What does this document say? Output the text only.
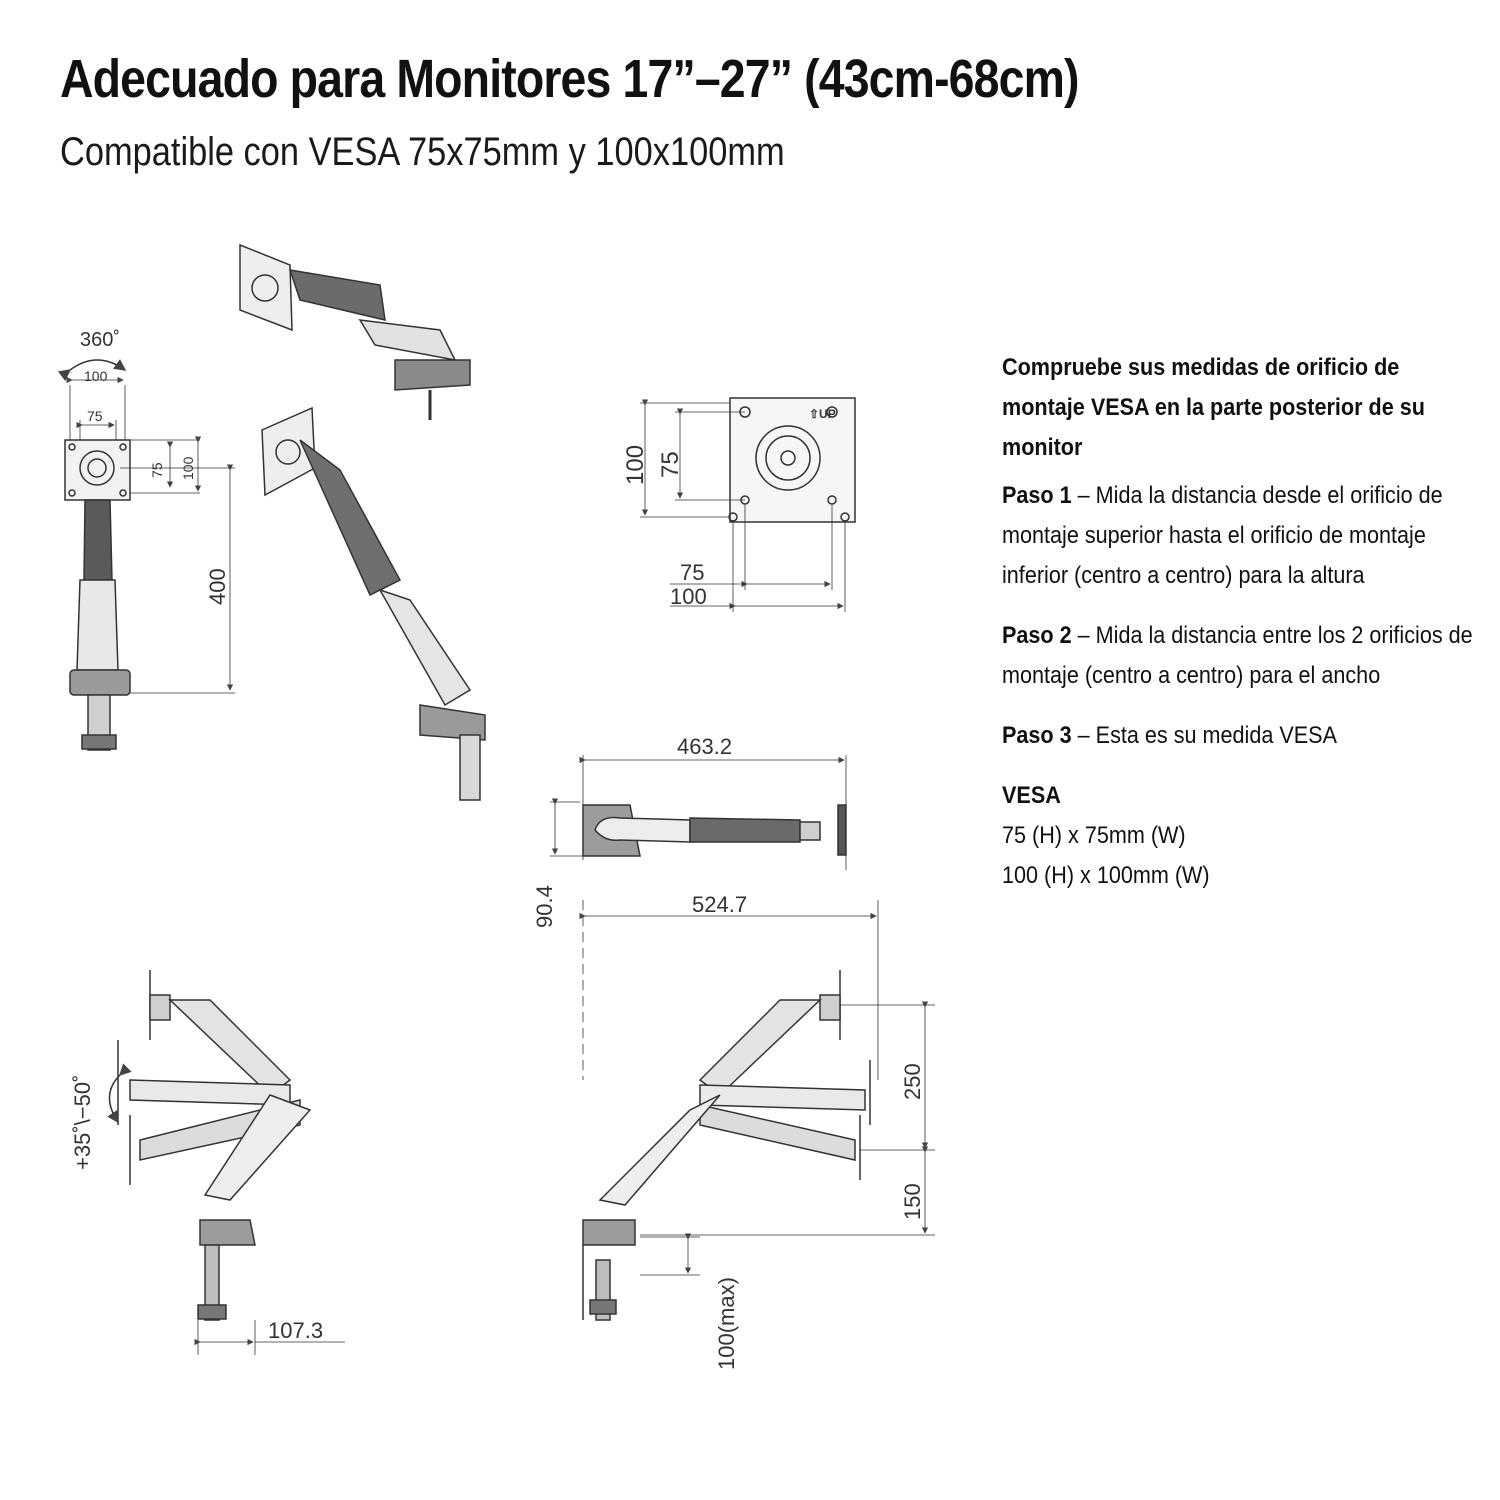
Adecuado para Monitores 17”–27” (43cm-68cm)
Compatible con VESA 75x75mm y 100x100mm
360˚
100
75
75 100
400
⇧UP
100 75
75
100
463.2
90.4	524.7
+35˚\−50˚
107.3
250
150
100(max)
Compruebe sus medidas de orificio de montaje VESA en la parte posterior de su monitor
Paso 1 – Mida la distancia desde el orificio de montaje superior hasta el orificio de montaje inferior (centro a centro) para la altura
Paso 2 – Mida la distancia entre los 2 orificios de montaje (centro a centro) para el ancho
Paso 3 – Esta es su medida VESA
VESA
75 (H) x 75mm (W)
100 (H) x 100mm (W)
